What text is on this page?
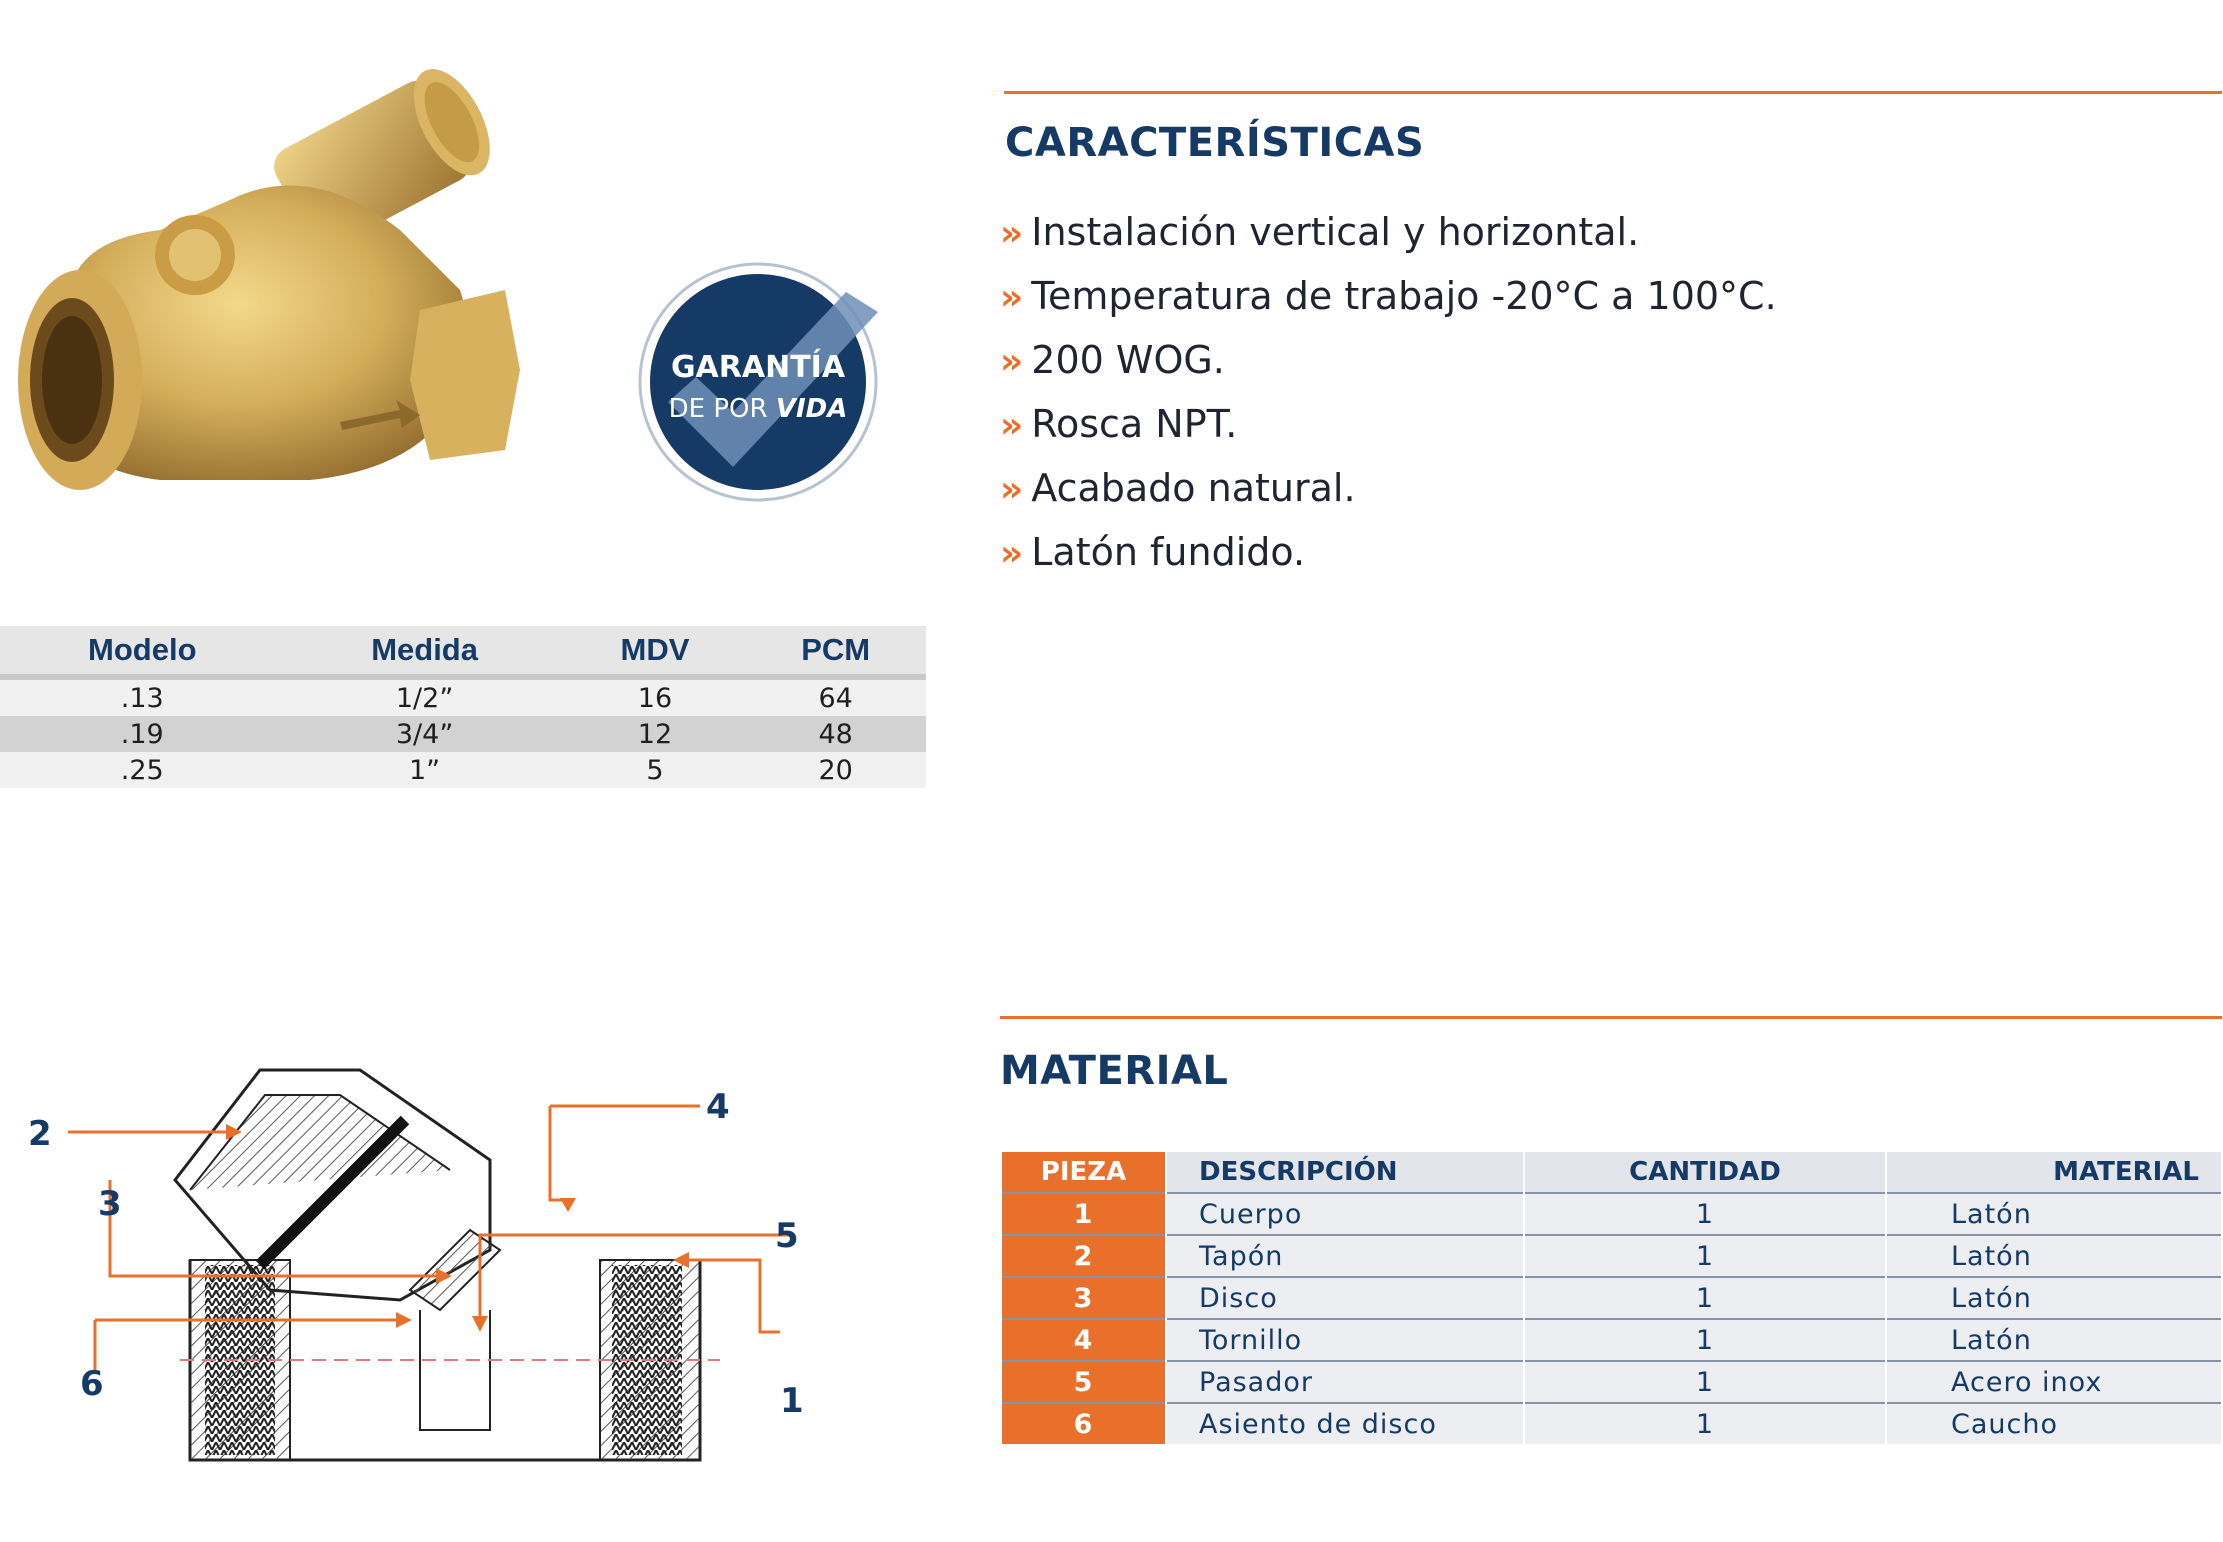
GARANTÍA
DE POR VIDA
Modelo	Medida	MDV	PCM
.13	1/2”	16	64
.19	3/4”	12	48
.25	1”	5	20
CARACTERÍSTICAS
» Instalación vertical y horizontal.
» Temperatura de trabajo -20°C a 100°C.
» 200 WOG.
» Rosca NPT.
» Acabado natural.
» Latón fundido.
MATERIAL
PIEZA	DESCRIPCIÓN	CANTIDAD	MATERIAL
1	Cuerpo	1	Latón
2	Tapón	1	Latón
3	Disco	1	Latón
4	Tornillo	1	Latón
5	Pasador	1	Acero inox
6	Asiento de disco	1	Caucho
2
3
4
5
6	1
